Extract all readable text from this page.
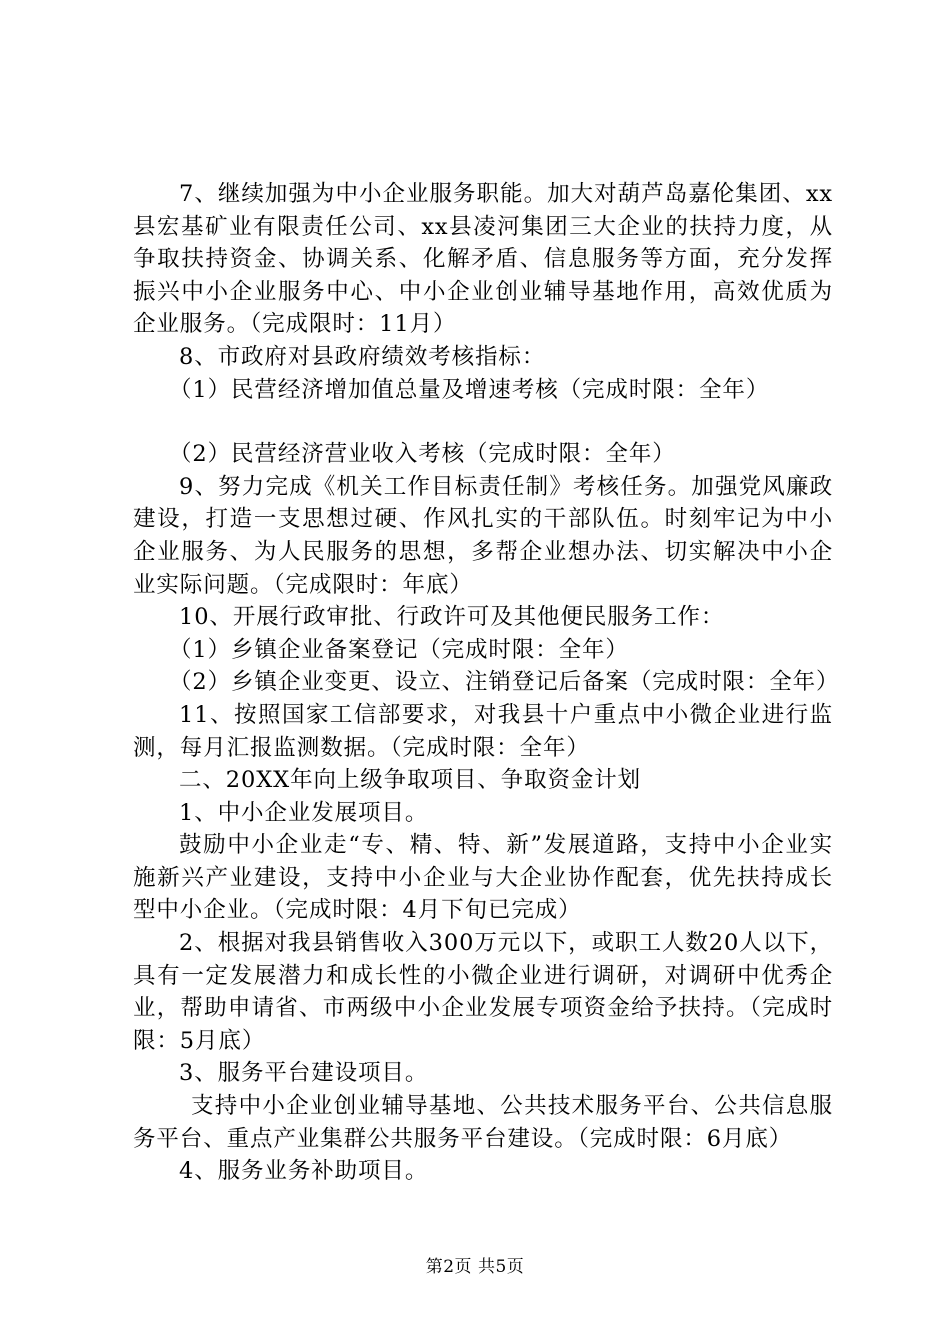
7、继续加强为中小企业服务职能。加大对葫芦岛嘉伦集团、xx县宏基矿业有限责任公司、xx县凌河集团三大企业的扶持力度，从争取扶持资金、协调关系、化解矛盾、信息服务等方面，充分发挥振兴中小企业服务中心、中小企业创业辅导基地作用，高效优质为企业服务。（完成限时：11月）

8、市政府对县政府绩效考核指标：

（1）民营经济增加值总量及增速考核（完成时限：全年）

（2）民营经济营业收入考核（完成时限：全年）

9、努力完成《机关工作目标责任制》考核任务。加强党风廉政建设，打造一支思想过硬、作风扎实的干部队伍。时刻牢记为中小企业服务、为人民服务的思想，多帮企业想办法、切实解决中小企业实际问题。（完成限时：年底）

10、开展行政审批、行政许可及其他便民服务工作：

（1）乡镇企业备案登记（完成时限：全年）

（2）乡镇企业变更、设立、注销登记后备案（完成时限：全年）

11、按照国家工信部要求，对我县十户重点中小微企业进行监测，每月汇报监测数据。（完成时限：全年）

二、20XX年向上级争取项目、争取资金计划

1、中小企业发展项目。

鼓励中小企业走“专、精、特、新”发展道路，支持中小企业实施新兴产业建设，支持中小企业与大企业协作配套，优先扶持成长型中小企业。（完成时限：4月下旬已完成）

2、根据对我县销售收入300万元以下，或职工人数20人以下，具有一定发展潜力和成长性的小微企业进行调研，对调研中优秀企业，帮助申请省、市两级中小企业发展专项资金给予扶持。（完成时限：5月底）

3、服务平台建设项目。

支持中小企业创业辅导基地、公共技术服务平台、公共信息服务平台、重点产业集群公共服务平台建设。（完成时限：6月底）

4、服务业务补助项目。

第2页 共5页
